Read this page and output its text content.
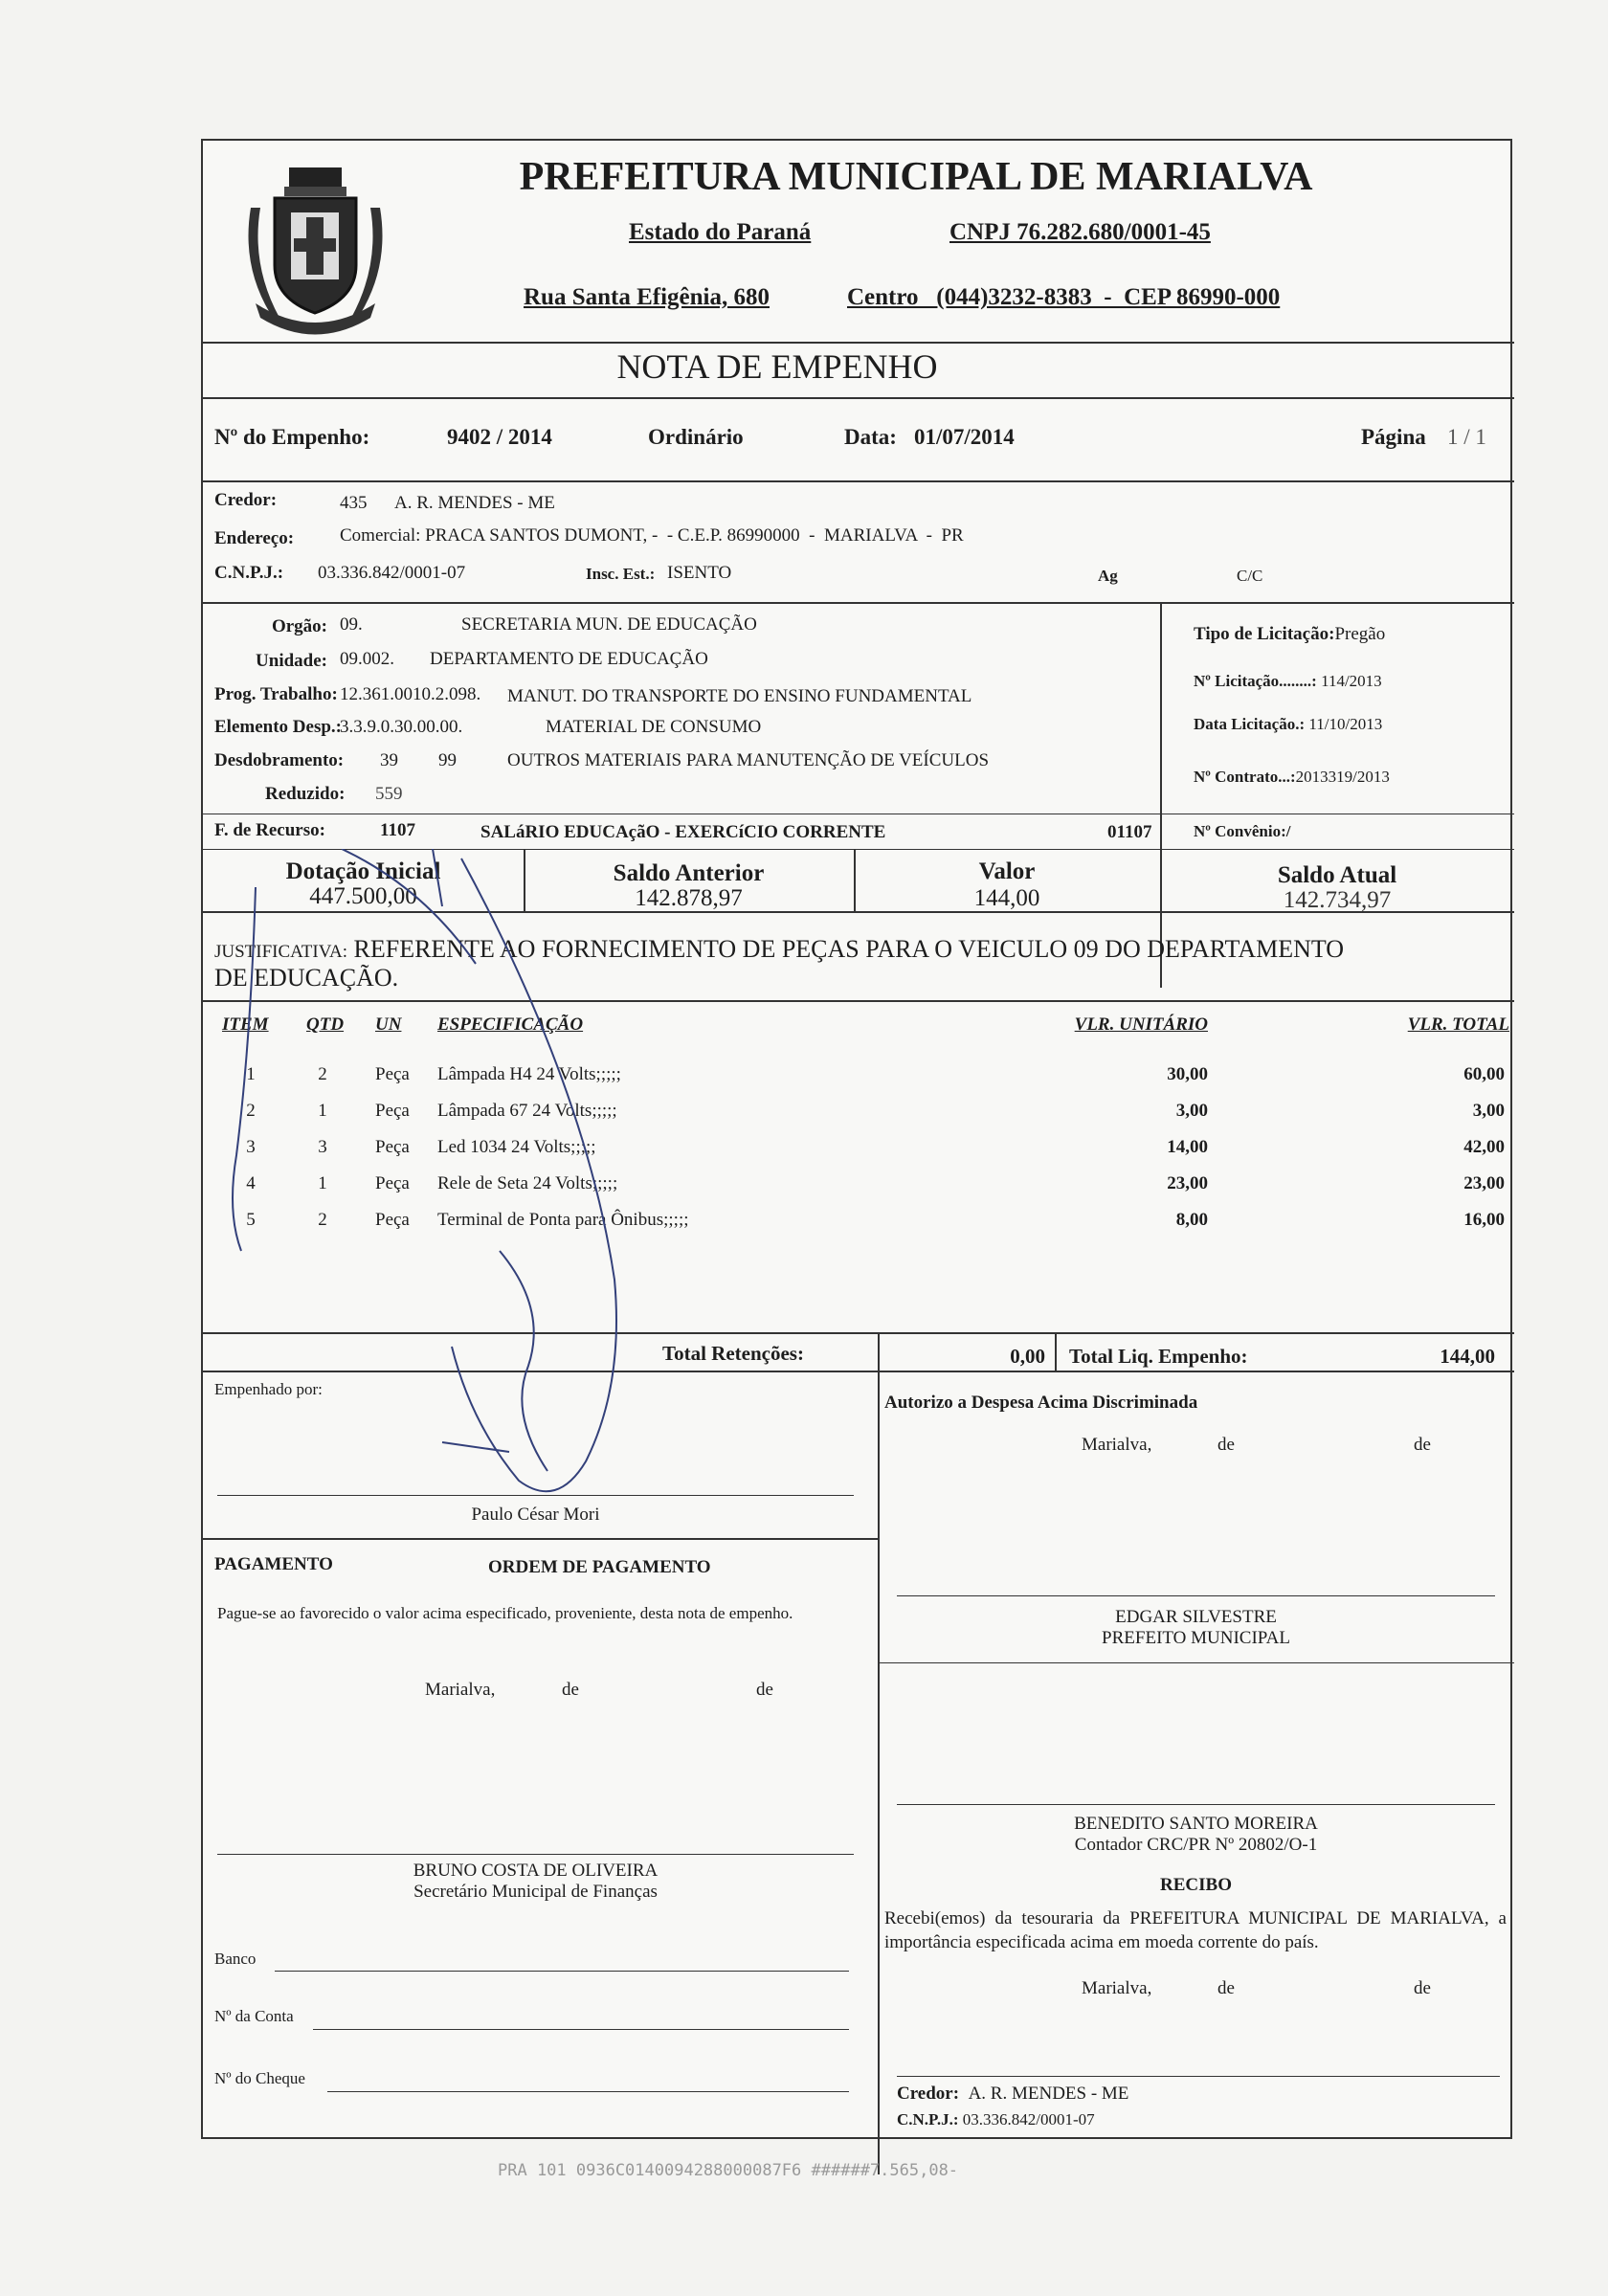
PREFEITURA MUNICIPAL DE MARIALVA
Estado do Paraná	CNPJ 76.282.680/0001-45
Rua Santa Efigênia, 680	Centro   (044)3232-8383  -  CEP 86990-000
NOTA DE EMPENHO
Nº do Empenho:	9402 / 2014	Ordinário	Data: 01/07/2014	Página 1 / 1
Credor:	435 A. R. MENDES - ME
Endereço:	Comercial: PRACA SANTOS DUMONT, -  - C.E.P. 86990000  -  MARIALVA  -  PR
C.N.P.J.: 03.336.842/0001-07	Insc. Est.: ISENTO	Ag	C/C
Orgão: 09.	SECRETARIA MUN. DE EDUCAÇÃO
Unidade: 09.002. DEPARTAMENTO DE EDUCAÇÃO
Prog. Trabalho: 12.361.0010.2.098. MANUT. DO TRANSPORTE DO ENSINO FUNDAMENTAL
Elemento Desp.:
3.3.9.0.30.00.00.	MATERIAL DE CONSUMO
Desdobramento: 39 99	OUTROS MATERIAIS PARA MANUTENÇÃO DE VEÍCULOS
Reduzido: 559
F. de Recurso:	1107	SALáRIO EDUCAçãO - EXERCíCIO CORRENTE	01107
Tipo de Licitação:Pregão
Nº Licitação........: 114/2013
Data Licitação.: 11/10/2013
Nº Contrato...:2013319/2013
Nº Convênio:/
Dotação Inicial
447.500,00
Saldo Anterior
142.878,97
Valor
144,00
Saldo Atual
142.734,97
JUSTIFICATIVA: REFERENTE AO FORNECIMENTO DE PEÇAS PARA O VEICULO 09 DO DEPARTAMENTO
DE EDUCAÇÃO.
ITEM QTD UN ESPECIFICAÇÃO	VLR. UNITÁRIO	VLR. TOTAL
1	2	Peça	Lâmpada H4 24 Volts;;;;;	30,00	60,00
2	1	Peça	Lâmpada 67 24 Volts;;;;;	3,00	3,00
3	3	Peça	Led 1034 24 Volts;;;;;	14,00	42,00
4	1	Peça	Rele de Seta 24 Volts;;;;;	23,00	23,00
5	2	Peça	Terminal de Ponta para Ônibus;;;;;	8,00	16,00
Total Retenções:	0,00 Total Liq. Empenho:	144,00
Empenhado por:
Paulo César Mori
Autorizo a Despesa Acima Discriminada
Marialva,	de	de
PAGAMENTO	ORDEM DE PAGAMENTO
Pague-se ao favorecido o valor acima especificado, proveniente, desta nota de empenho.
Marialva,	de	de
EDGAR SILVESTRE
PREFEITO MUNICIPAL
BENEDITO SANTO MOREIRA
Contador CRC/PR Nº 20802/O-1
BRUNO COSTA DE OLIVEIRA
Secretário Municipal de Finanças	RECIBO
Recebi(emos) da tesouraria da PREFEITURA MUNICIPAL DE MARIALVA, a importância especificada acima em moeda corrente do país.
Marialva,	de	de
Banco
Nº da Conta
Nº do Cheque
Credor: A. R. MENDES - ME
C.N.P.J.: 03.336.842/0001-07
PRA 101 0936C0140094288000087F6 ######7.565,08-
